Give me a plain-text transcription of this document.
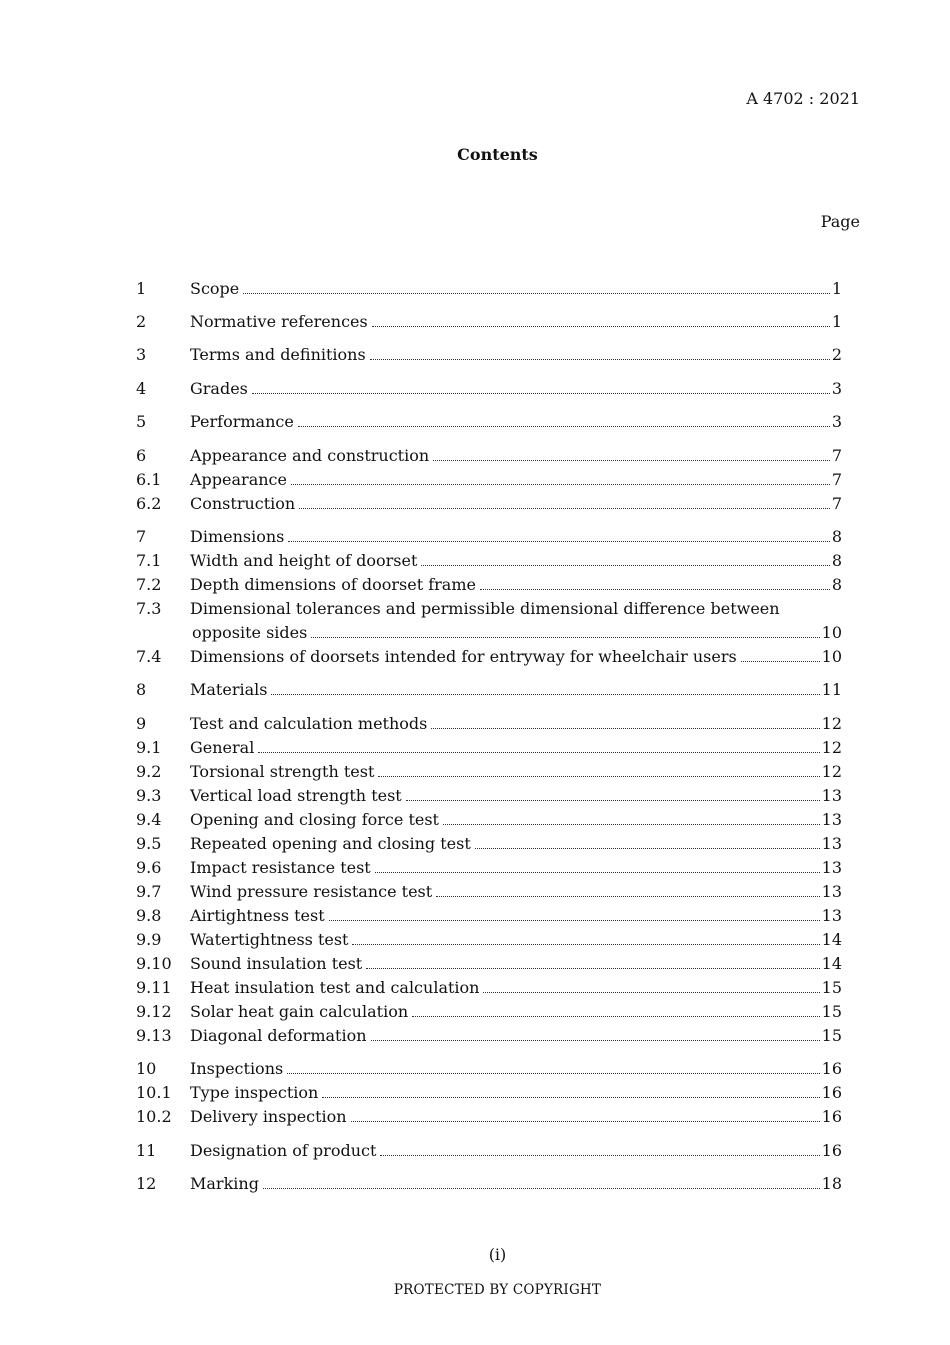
A 4702 : 2021
Contents
Page
1	Scope	1
2	Normative references	1
3	Terms and definitions	2
4	Grades	3
5	Performance	3
6	Appearance and construction	7
6.1	Appearance	7
6.2	Construction	7
7	Dimensions	8
7.1	Width and height of doorset	8
7.2	Depth dimensions of doorset frame	8
7.3	Dimensional tolerances and permissible dimensional difference between
opposite sides	10
7.4	Dimensions of doorsets intended for entryway for wheelchair users	10
8	Materials	11
9	Test and calculation methods	12
9.1	General	12
9.2	Torsional strength test	12
9.3	Vertical load strength test	13
9.4	Opening and closing force test	13
9.5	Repeated opening and closing test	13
9.6	Impact resistance test	13
9.7	Wind pressure resistance test	13
9.8	Airtightness test	13
9.9	Watertightness test	14
9.10	Sound insulation test	14
9.11	Heat insulation test and calculation	15
9.12	Solar heat gain calculation	15
9.13	Diagonal deformation	15
10	Inspections	16
10.1	Type inspection	16
10.2	Delivery inspection	16
11	Designation of product	16
12	Marking	18
(i)
PROTECTED BY COPYRIGHT
